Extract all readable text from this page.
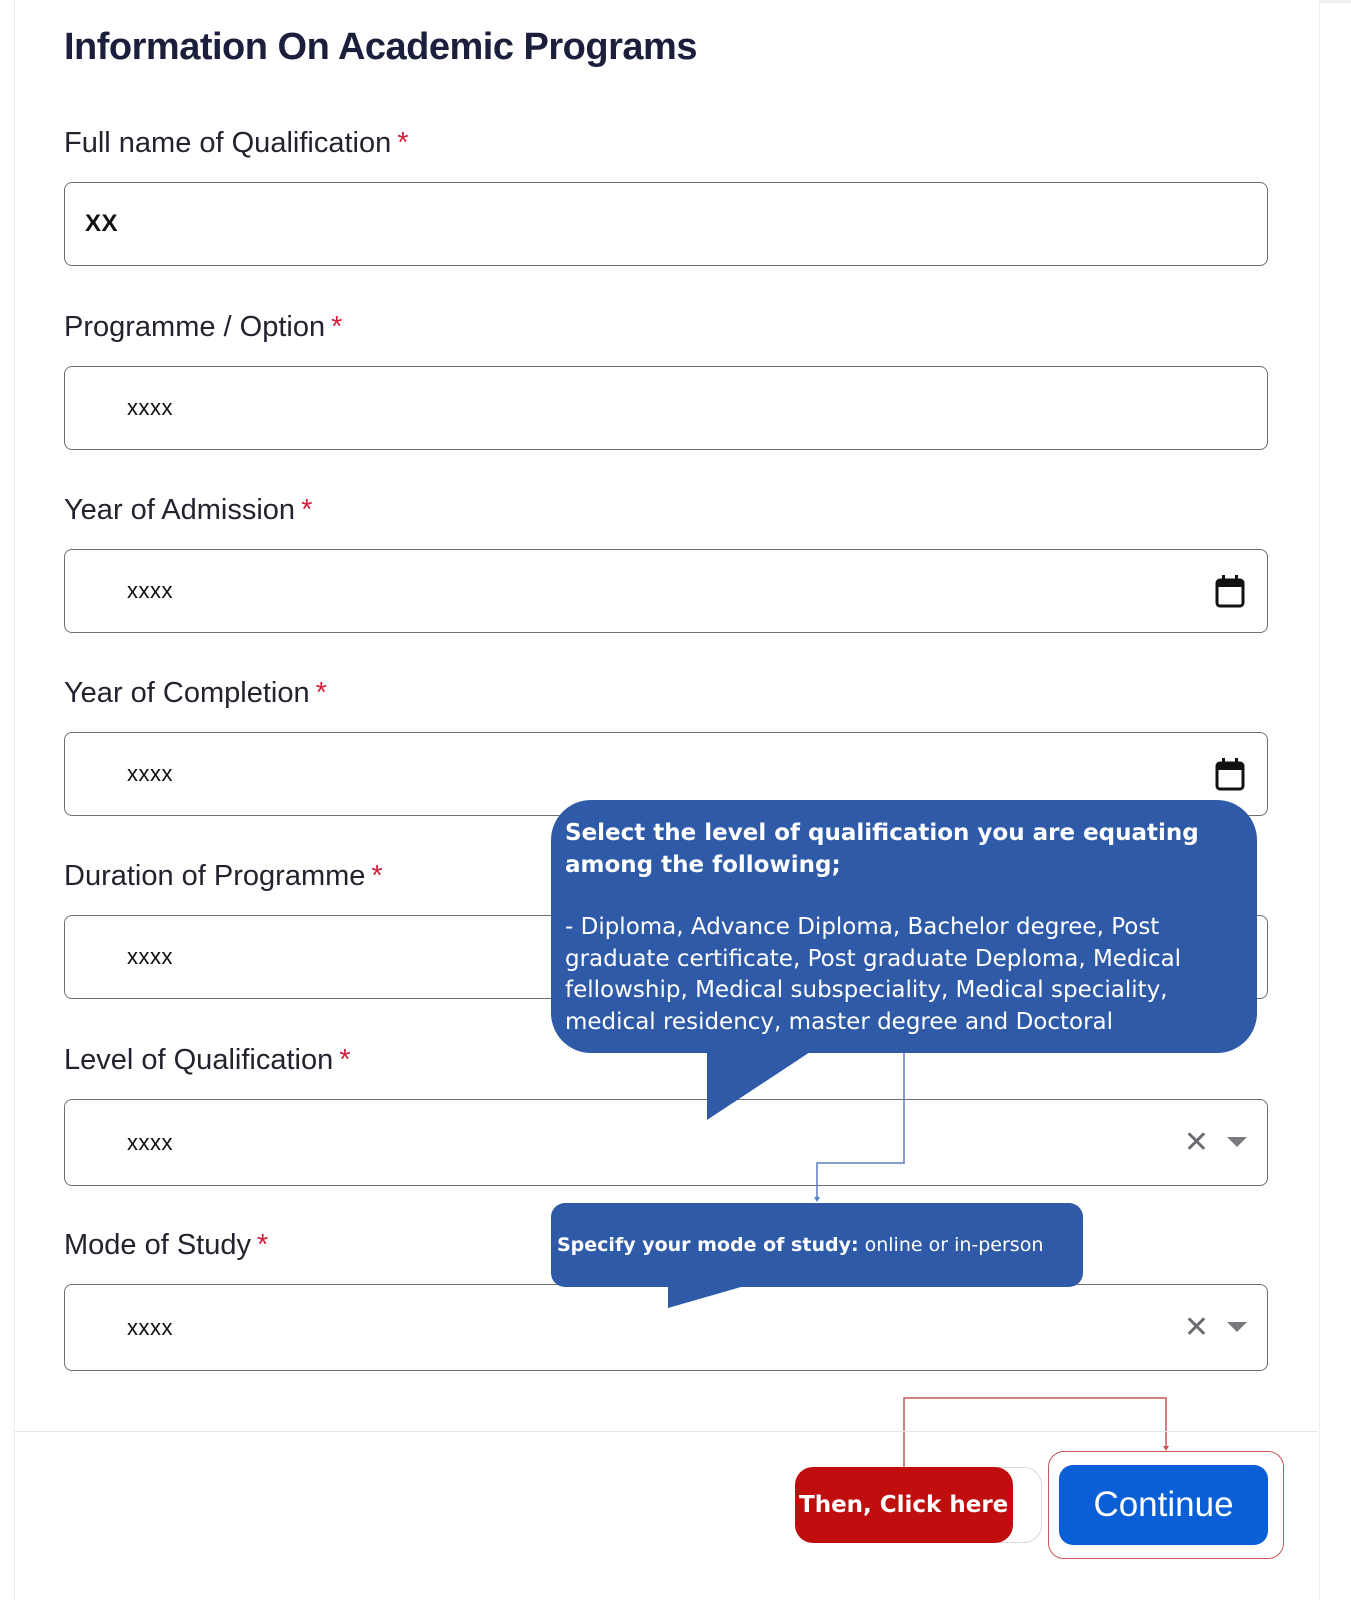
Information On Academic Programs
Full name of Qualification *
XX
Programme / Option *
xxxx
Year of Admission *
xxxx
Year of Completion *
xxxx
Duration of Programme *
xxxx
Level of Qualification *
xxxx	✕
Mode of Study *
xxxx	✕
Select the level of qualification you are equating among the following;
- Diploma, Advance Diploma, Bachelor degree, Post graduate certificate, Post graduate Deploma, Medical fellowship, Medical subspeciality, Medical speciality, medical residency, master degree and Doctoral
Specify your mode of study: online or in-person
Then, Click here	Continue
